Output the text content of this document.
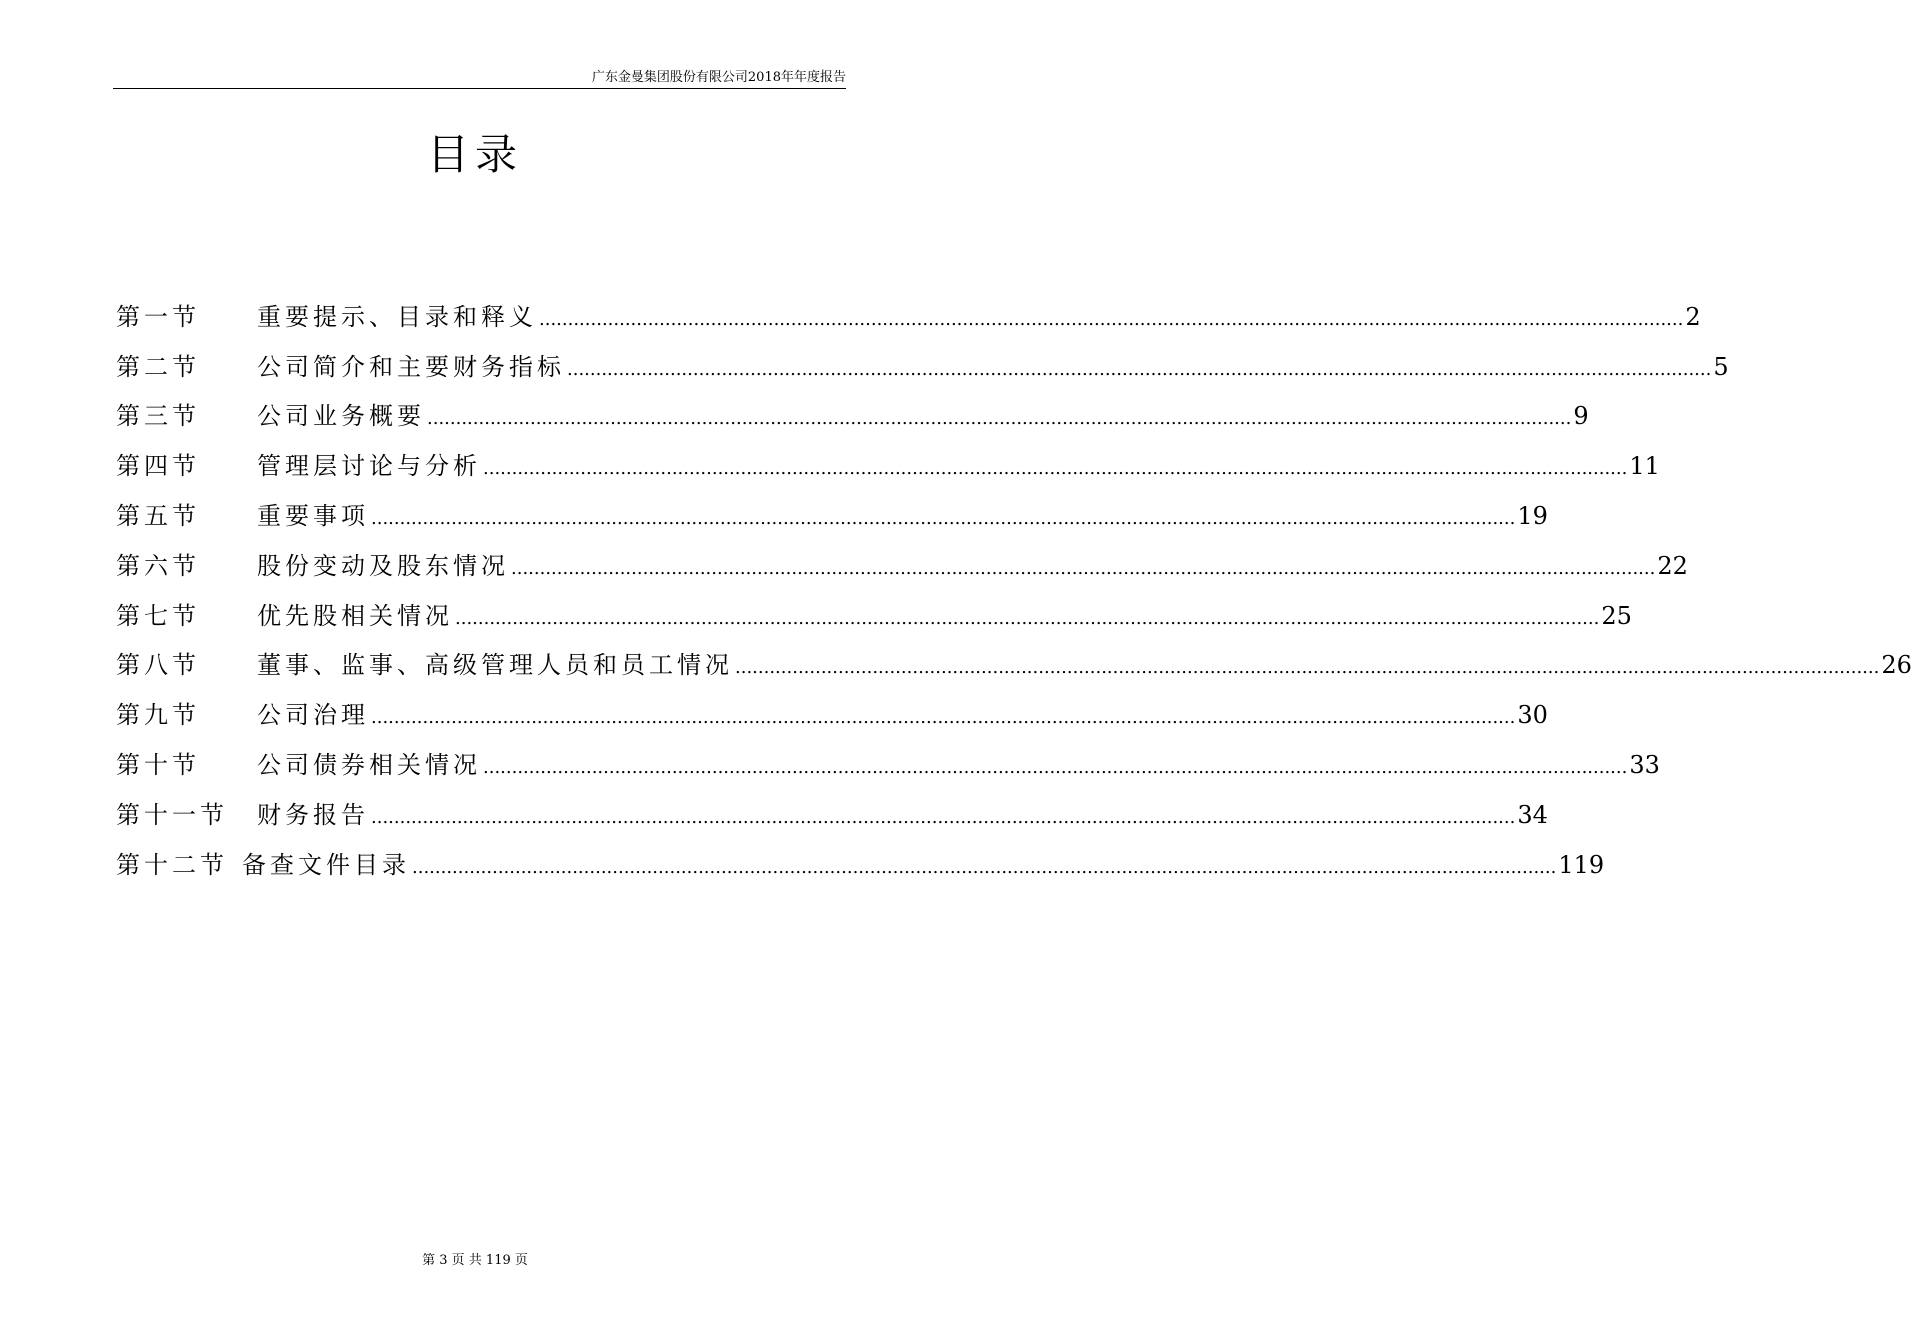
广东金曼集团股份有限公司2018年年度报告
目录
第一节 重要提示、目录和释义 ........................................................................................................................................................................................................ 2
第二节 公司简介和主要财务指标 ........................................................................................................................................................................................................ 5
第三节 公司业务概要 ........................................................................................................................................................................................................ 9
第四节 管理层讨论与分析 ........................................................................................................................................................................................................ 11
第五节 重要事项 ........................................................................................................................................................................................................ 19
第六节 股份变动及股东情况 ........................................................................................................................................................................................................ 22
第七节 优先股相关情况 ........................................................................................................................................................................................................ 25
第八节 董事、监事、高级管理人员和员工情况 ........................................................................................................................................................................................................ 26
第九节 公司治理 ........................................................................................................................................................................................................ 30
第十节 公司债券相关情况 ........................................................................................................................................................................................................ 33
第十一节 财务报告 ........................................................................................................................................................................................................ 34
第十二节 备查文件目录 ........................................................................................................................................................................................................ 119
第 3 页 共 119 页
